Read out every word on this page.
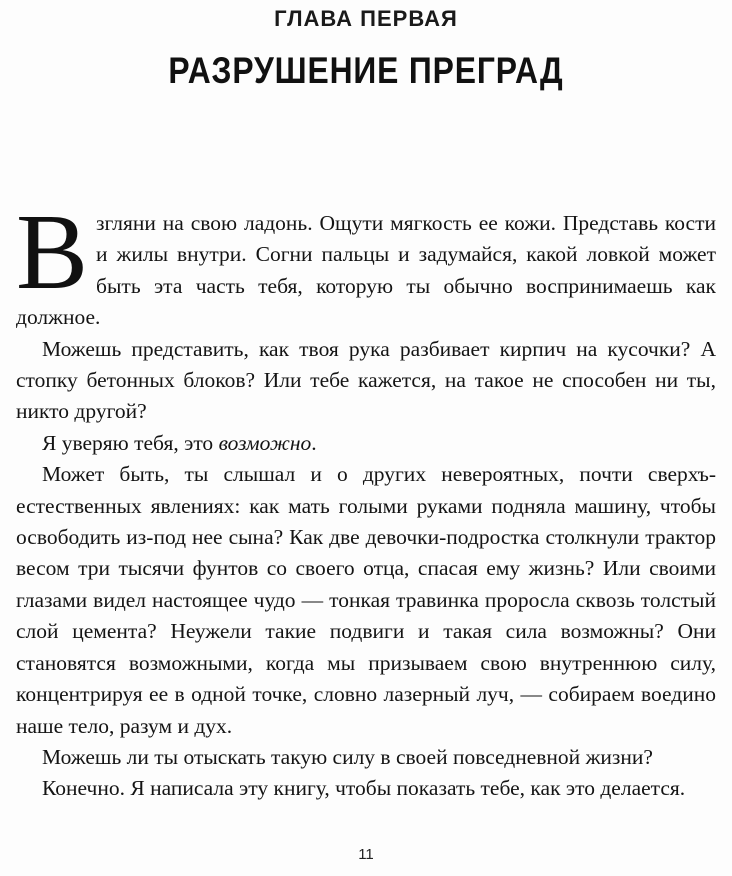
ГЛАВА ПЕРВАЯ
РАЗРУШЕНИЕ ПРЕГРАД

Взгляни на свою ладонь. Ощути мягкость ее кожи. Представь кости и жилы внутри. Согни пальцы и задумайся, какой ловкой может быть эта часть тебя, которую ты обычно воспринимаешь как должное.

Можешь представить, как твоя рука разбивает кирпич на кусочки? А стопку бетонных блоков? Или тебе кажется, на такое не способен ни ты, никто другой?

Я уверяю тебя, это возможно.

Может быть, ты слышал и о других невероятных, почти сверхъестественных явлениях: как мать голыми руками подняла машину, чтобы освободить из-под нее сына? Как две девочки-подростка столкнули трактор весом три тысячи фунтов со своего отца, спасая ему жизнь? Или своими глазами видел настоящее чудо — тонкая травинка проросла сквозь толстый слой цемента? Неужели такие подвиги и такая сила возможны? Они становятся возможными, когда мы призываем свою внутреннюю силу, концентрируя ее в одной точке, словно лазерный луч, — собираем воедино наше тело, разум и дух.

Можешь ли ты отыскать такую силу в своей повседневной жизни?

Конечно. Я написала эту книгу, чтобы показать тебе, как это делается.

11
